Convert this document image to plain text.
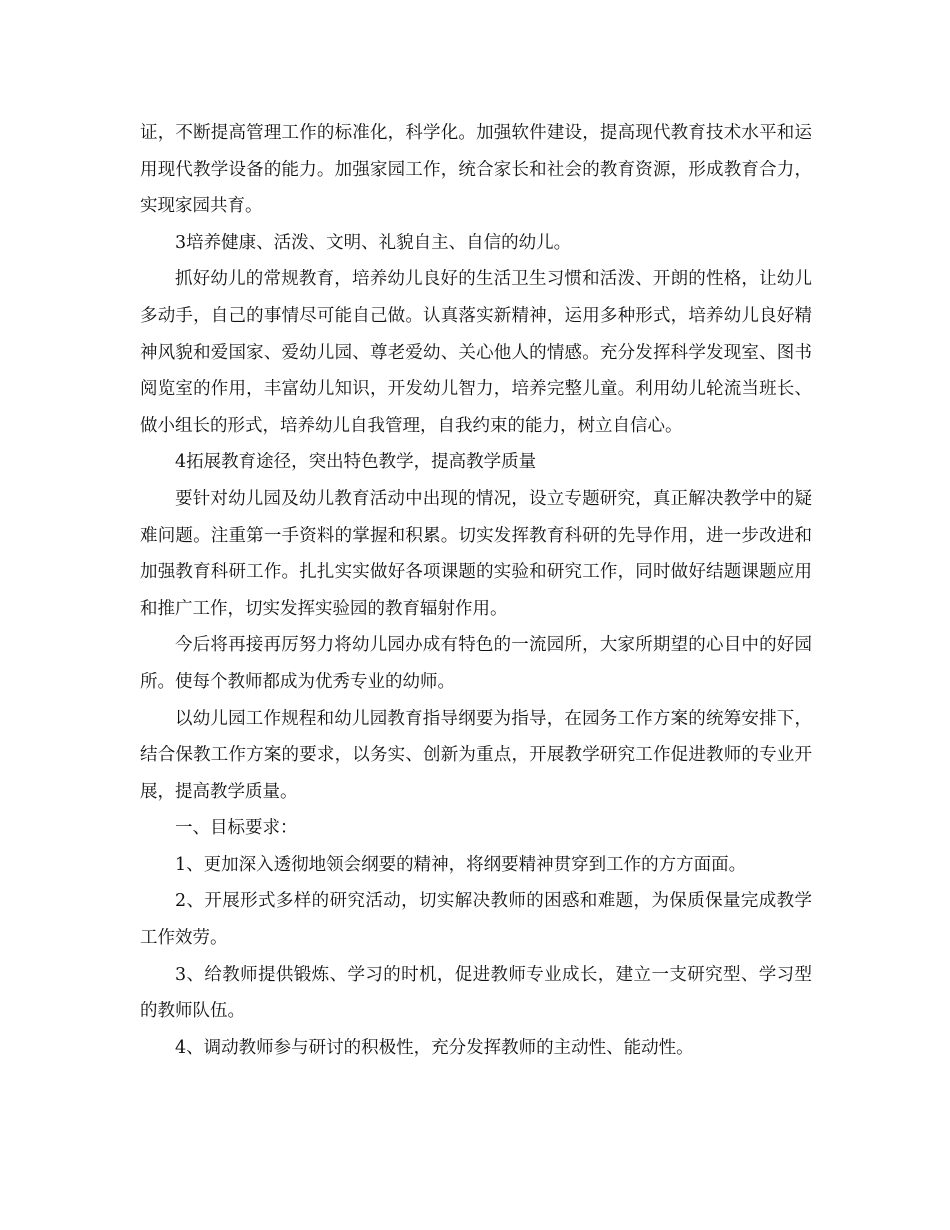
证，不断提高管理工作的标准化，科学化。加强软件建设，提高现代教育技术水平和运用现代教学设备的能力。加强家园工作，统合家长和社会的教育资源，形成教育合力，实现家园共育。

3培养健康、活泼、文明、礼貌自主、自信的幼儿。

抓好幼儿的常规教育，培养幼儿良好的生活卫生习惯和活泼、开朗的性格，让幼儿多动手，自己的事情尽可能自己做。认真落实新精神，运用多种形式，培养幼儿良好精神风貌和爱国家、爱幼儿园、尊老爱幼、关心他人的情感。充分发挥科学发现室、图书阅览室的作用，丰富幼儿知识，开发幼儿智力，培养完整儿童。利用幼儿轮流当班长、做小组长的形式，培养幼儿自我管理，自我约束的能力，树立自信心。

4拓展教育途径，突出特色教学，提高教学质量

要针对幼儿园及幼儿教育活动中出现的情况，设立专题研究，真正解决教学中的疑难问题。注重第一手资料的掌握和积累。切实发挥教育科研的先导作用，进一步改进和加强教育科研工作。扎扎实实做好各项课题的实验和研究工作，同时做好结题课题应用和推广工作，切实发挥实验园的教育辐射作用。

今后将再接再厉努力将幼儿园办成有特色的一流园所，大家所期望的心目中的好园所。使每个教师都成为优秀专业的幼师。

以幼儿园工作规程和幼儿园教育指导纲要为指导，在园务工作方案的统筹安排下，结合保教工作方案的要求，以务实、创新为重点，开展教学研究工作促进教师的专业开展，提高教学质量。

一、目标要求：

1、更加深入透彻地领会纲要的精神，将纲要精神贯穿到工作的方方面面。

2、开展形式多样的研究活动，切实解决教师的困惑和难题，为保质保量完成教学工作效劳。

3、给教师提供锻炼、学习的时机，促进教师专业成长，建立一支研究型、学习型的教师队伍。

4、调动教师参与研讨的积极性，充分发挥教师的主动性、能动性。
